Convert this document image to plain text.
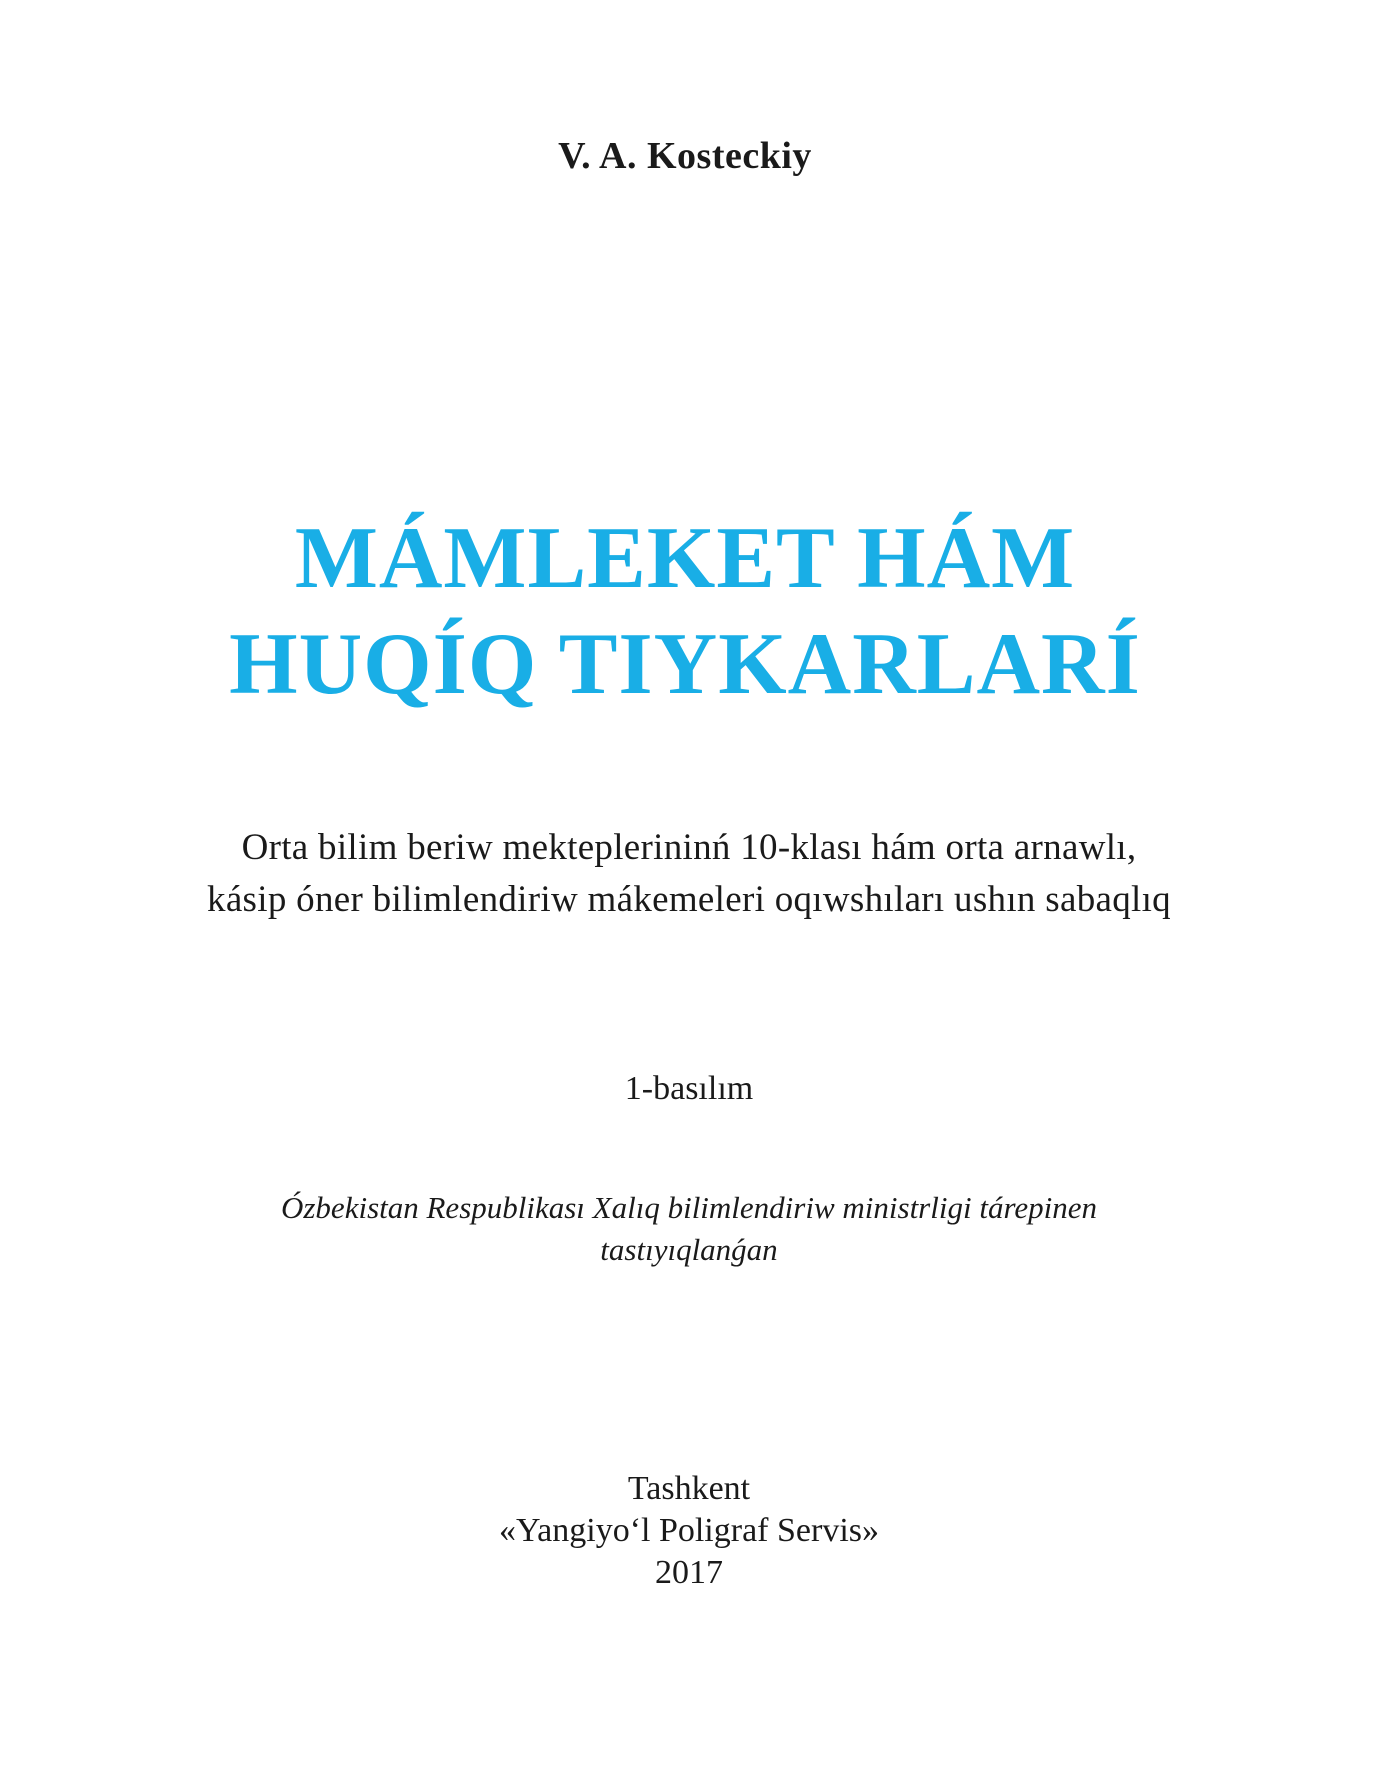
V. A. Kosteckiy
MÁMLEKET HÁM
HUQÍQ TIYKARLARÍ
Orta bilim beriw mekteplerininń 10-klası hám orta arnawlı,
kásip óner bilimlendiriw mákemeleri oqıwshıları ushın sabaqlıq
1-basılım
Ózbekistan Respublikası Xalıq bilimlendiriw ministrligi tárepinen
tastıyıqlanǵan
Tashkent
«Yangiyo‘l Poligraf Servis»
2017
